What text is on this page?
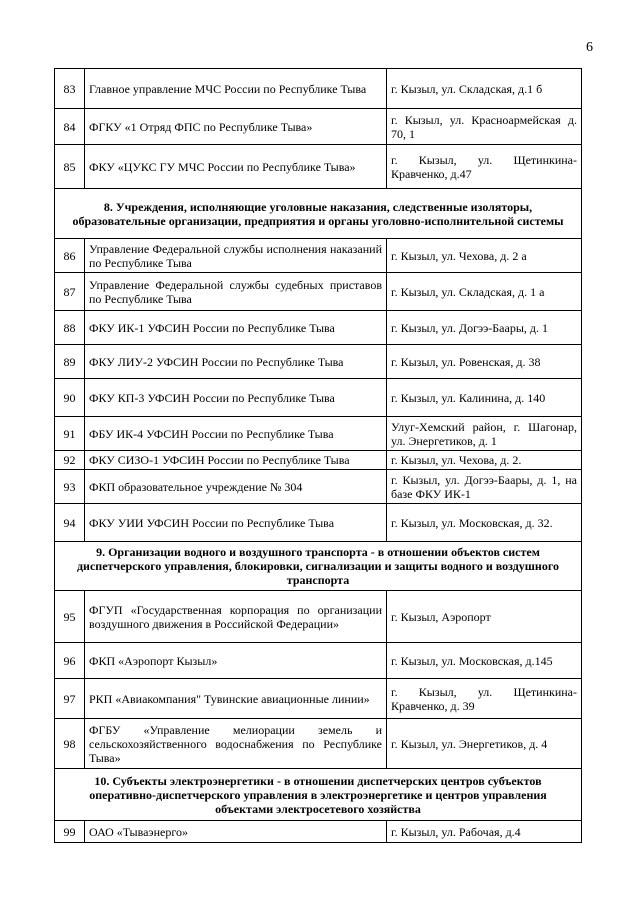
6
83	Главное управление МЧС России по Республике Тыва	г. Кызыл, ул. Складская, д.1 б
84	ФГКУ «1 Отряд ФПС по Республике Тыва»	г. Кызыл, ул. Красноармейская д. 70, 1
85	ФКУ «ЦУКС ГУ МЧС России по Республике Тыва»	г. Кызыл, ул. Щетинкина-Кравченко, д.47
8. Учреждения, исполняющие уголовные наказания, следственные изоляторы, образовательные организации, предприятия и органы уголовно-исполнительной системы		
86	Управление Федеральной службы исполнения наказаний по Республике Тыва	г. Кызыл, ул. Чехова, д. 2 а
87	Управление Федеральной службы судебных приставов по Республике Тыва	г. Кызыл, ул. Складская, д. 1 а
88	ФКУ ИК-1 УФСИН России по Республике Тыва	г. Кызыл, ул. Догээ-Баары, д. 1
89	ФКУ ЛИУ-2 УФСИН России по Республике Тыва	г. Кызыл, ул. Ровенская, д. 38
90	ФКУ КП-3 УФСИН России по Республике Тыва	г. Кызыл, ул. Калинина, д. 140
91	ФБУ ИК-4 УФСИН России по Республике Тыва	Улуг-Хемский район, г. Шагонар, ул. Энергетиков, д. 1
92	ФКУ СИЗО-1 УФСИН России по Республике Тыва	г. Кызыл, ул. Чехова, д. 2.
93	ФКП образовательное учреждение № 304	г. Кызыл, ул. Догээ-Баары, д. 1, на базе ФКУ ИК-1
94	ФКУ УИИ УФСИН России по Республике Тыва	г. Кызыл, ул. Московская, д. 32.
9. Организации водного и воздушного транспорта - в отношении объектов систем диспетчерского управления, блокировки, сигнализации и защиты водного и воздушного транспорта		
95	ФГУП «Государственная корпорация по организации воздушного движения в Российской Федерации»	г. Кызыл, Аэропорт
96	ФКП «Аэропорт Кызыл»	г. Кызыл, ул. Московская, д.145
97	РКП «Авиакомпания" Тувинские авиационные линии»	г. Кызыл, ул. Щетинкина-Кравченко, д. 39
98	ФГБУ «Управление мелиорации земель и сельскохозяйственного водоснабжения по Республике Тыва»	г. Кызыл, ул. Энергетиков, д. 4
10. Субъекты электроэнергетики - в отношении диспетчерских центров субъектов оперативно-диспетчерского управления в электроэнергетике и центров управления объектами электросетевого хозяйства		
99	ОАО «Тываэнерго»	г. Кызыл, ул. Рабочая, д.4
